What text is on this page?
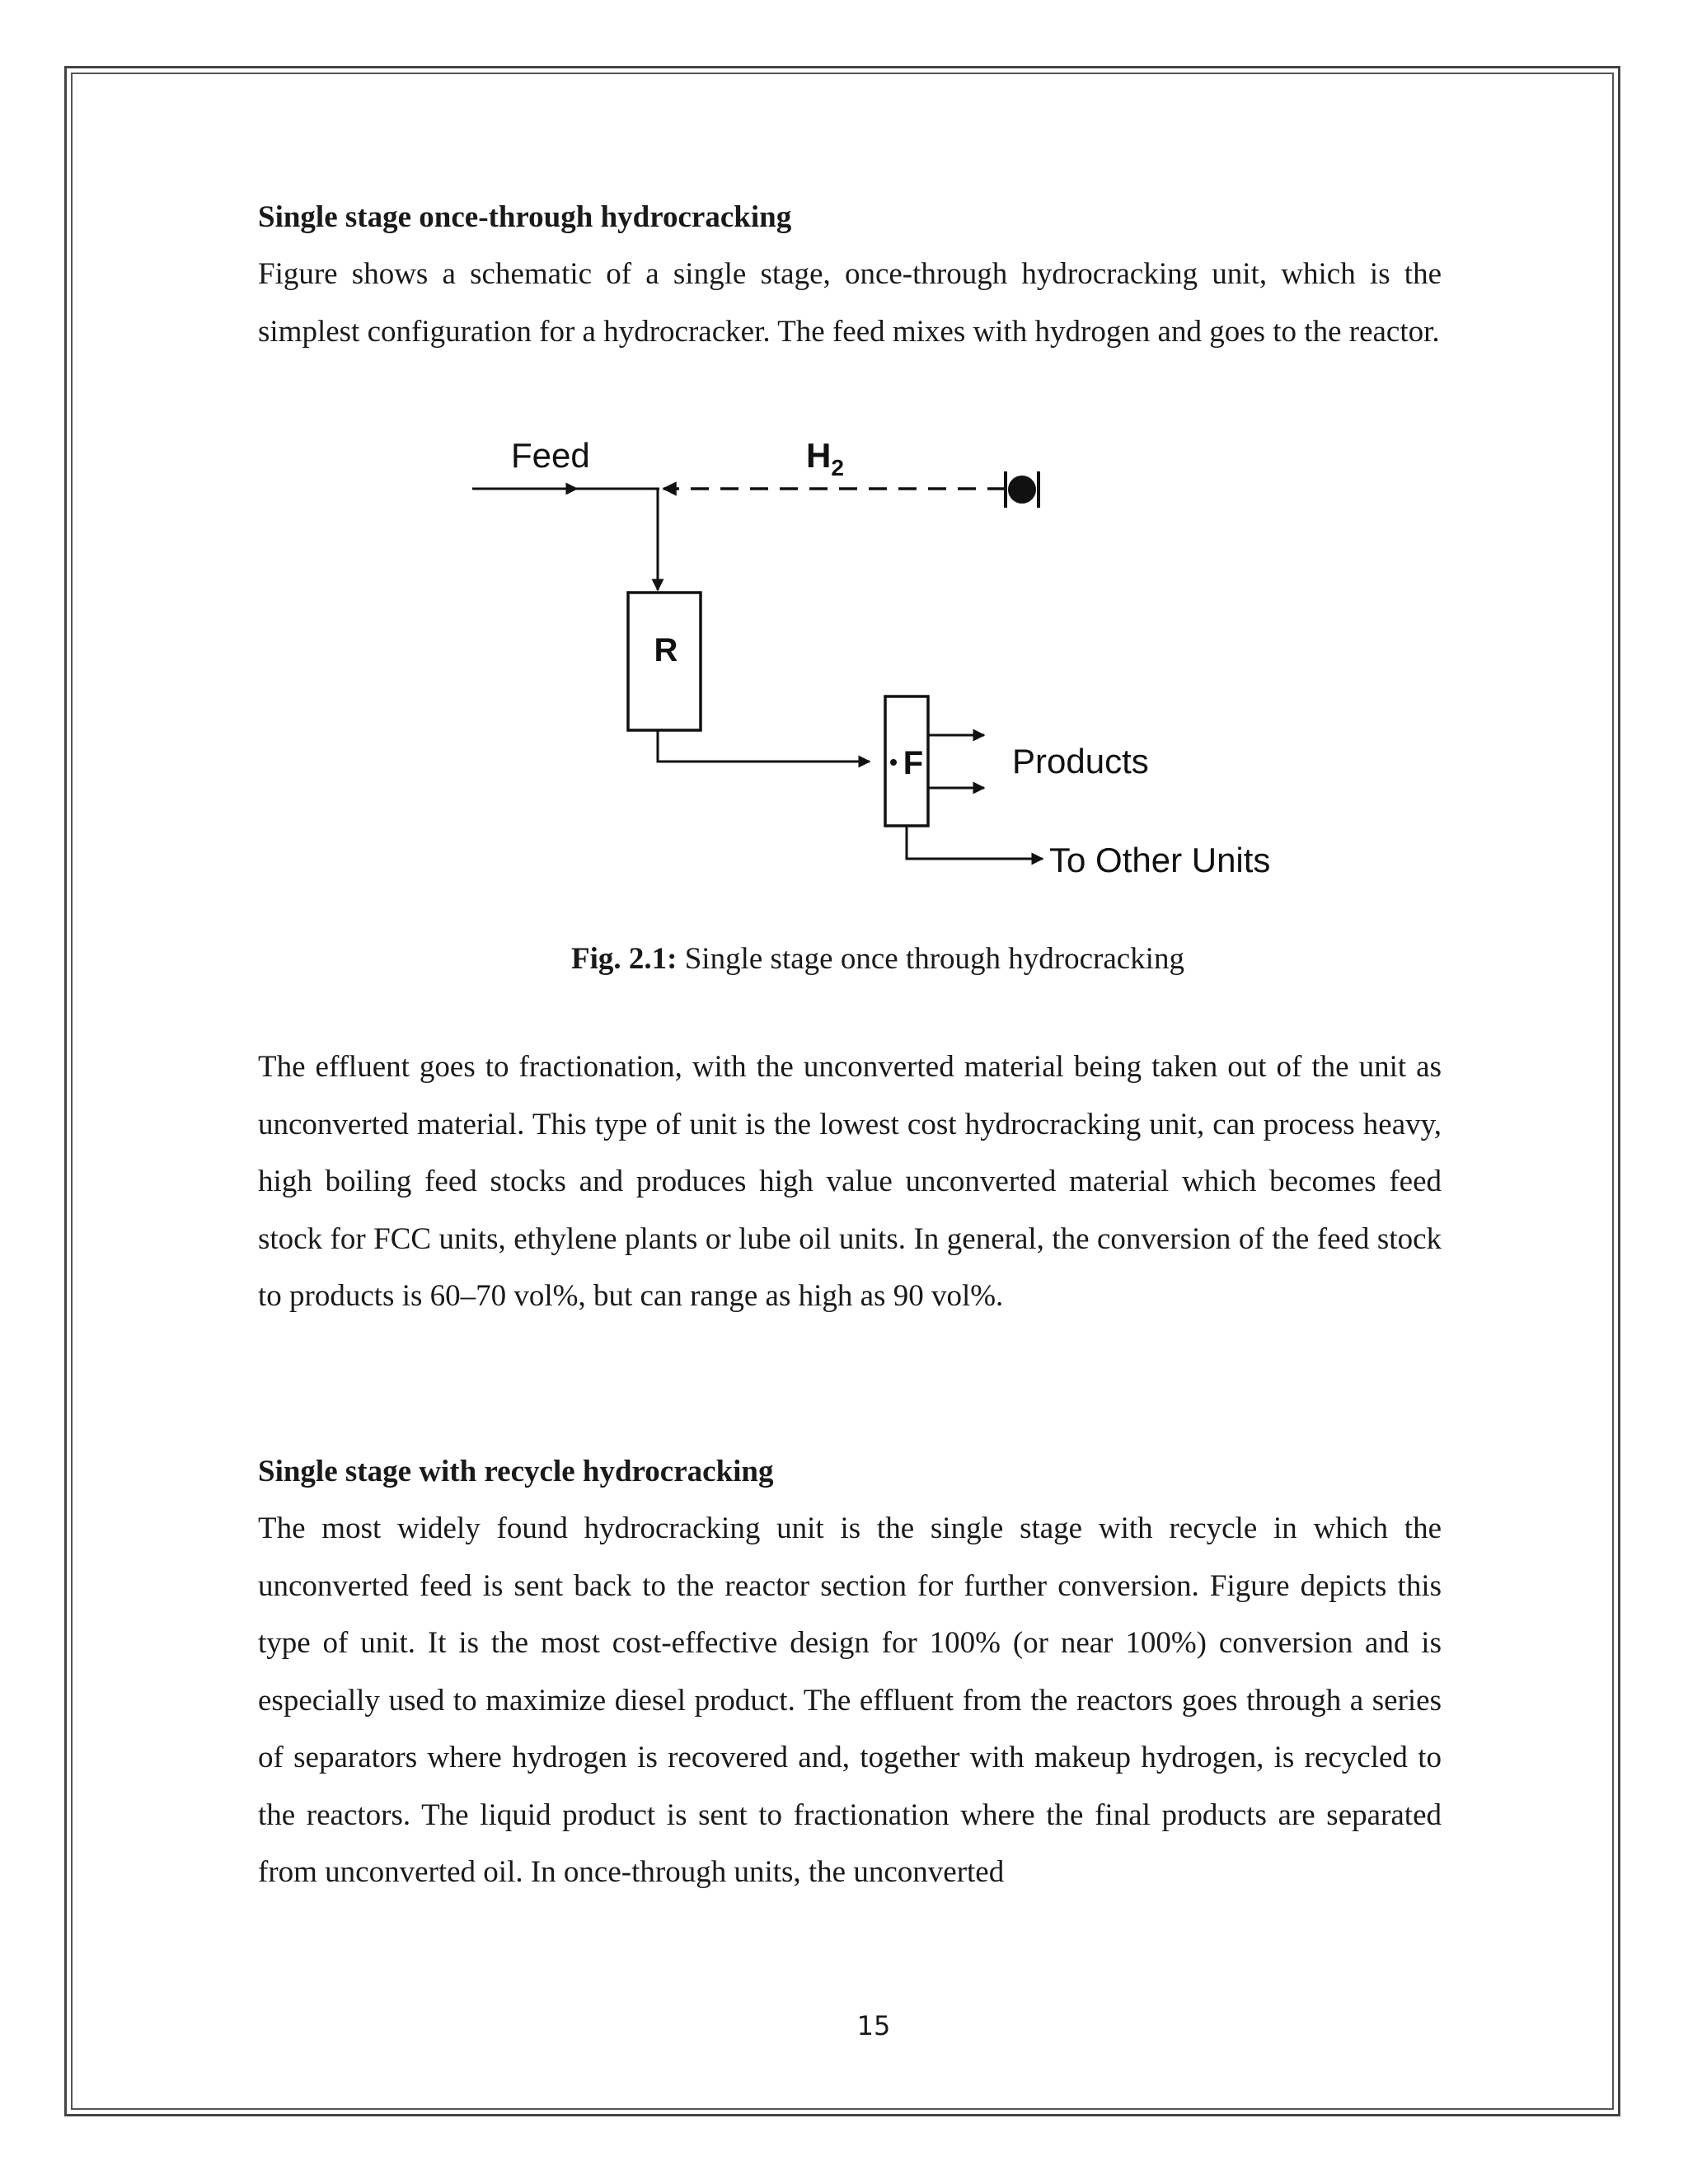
Single stage once-through hydrocracking

Figure shows a schematic of a single stage, once-through hydrocracking unit, which is the simplest configuration for a hydrocracker. The feed mixes with hydrogen and goes to the reactor.

Feed	$H_2$
R
F	Products
To Other Units
Fig. 2.1: Single stage once through hydrocracking

The effluent goes to fractionation, with the unconverted material being taken out of the unit as unconverted material. This type of unit is the lowest cost hydrocracking unit, can process heavy, high boiling feed stocks and produces high value unconverted material which becomes feed stock for FCC units, ethylene plants or lube oil units. In general, the conversion of the feed stock to products is 60–70 vol%, but can range as high as 90 vol%.

Single stage with recycle hydrocracking

The most widely found hydrocracking unit is the single stage with recycle in which the unconverted feed is sent back to the reactor section for further conversion. Figure depicts this type of unit. It is the most cost-effective design for 100% (or near 100%) conversion and is especially used to maximize diesel product. The effluent from the reactors goes through a series of separators where hydrogen is recovered and, together with makeup hydrogen, is recycled to the reactors. The liquid product is sent to fractionation where the final products are separated from unconverted oil. In once-through units, the unconverted

15
